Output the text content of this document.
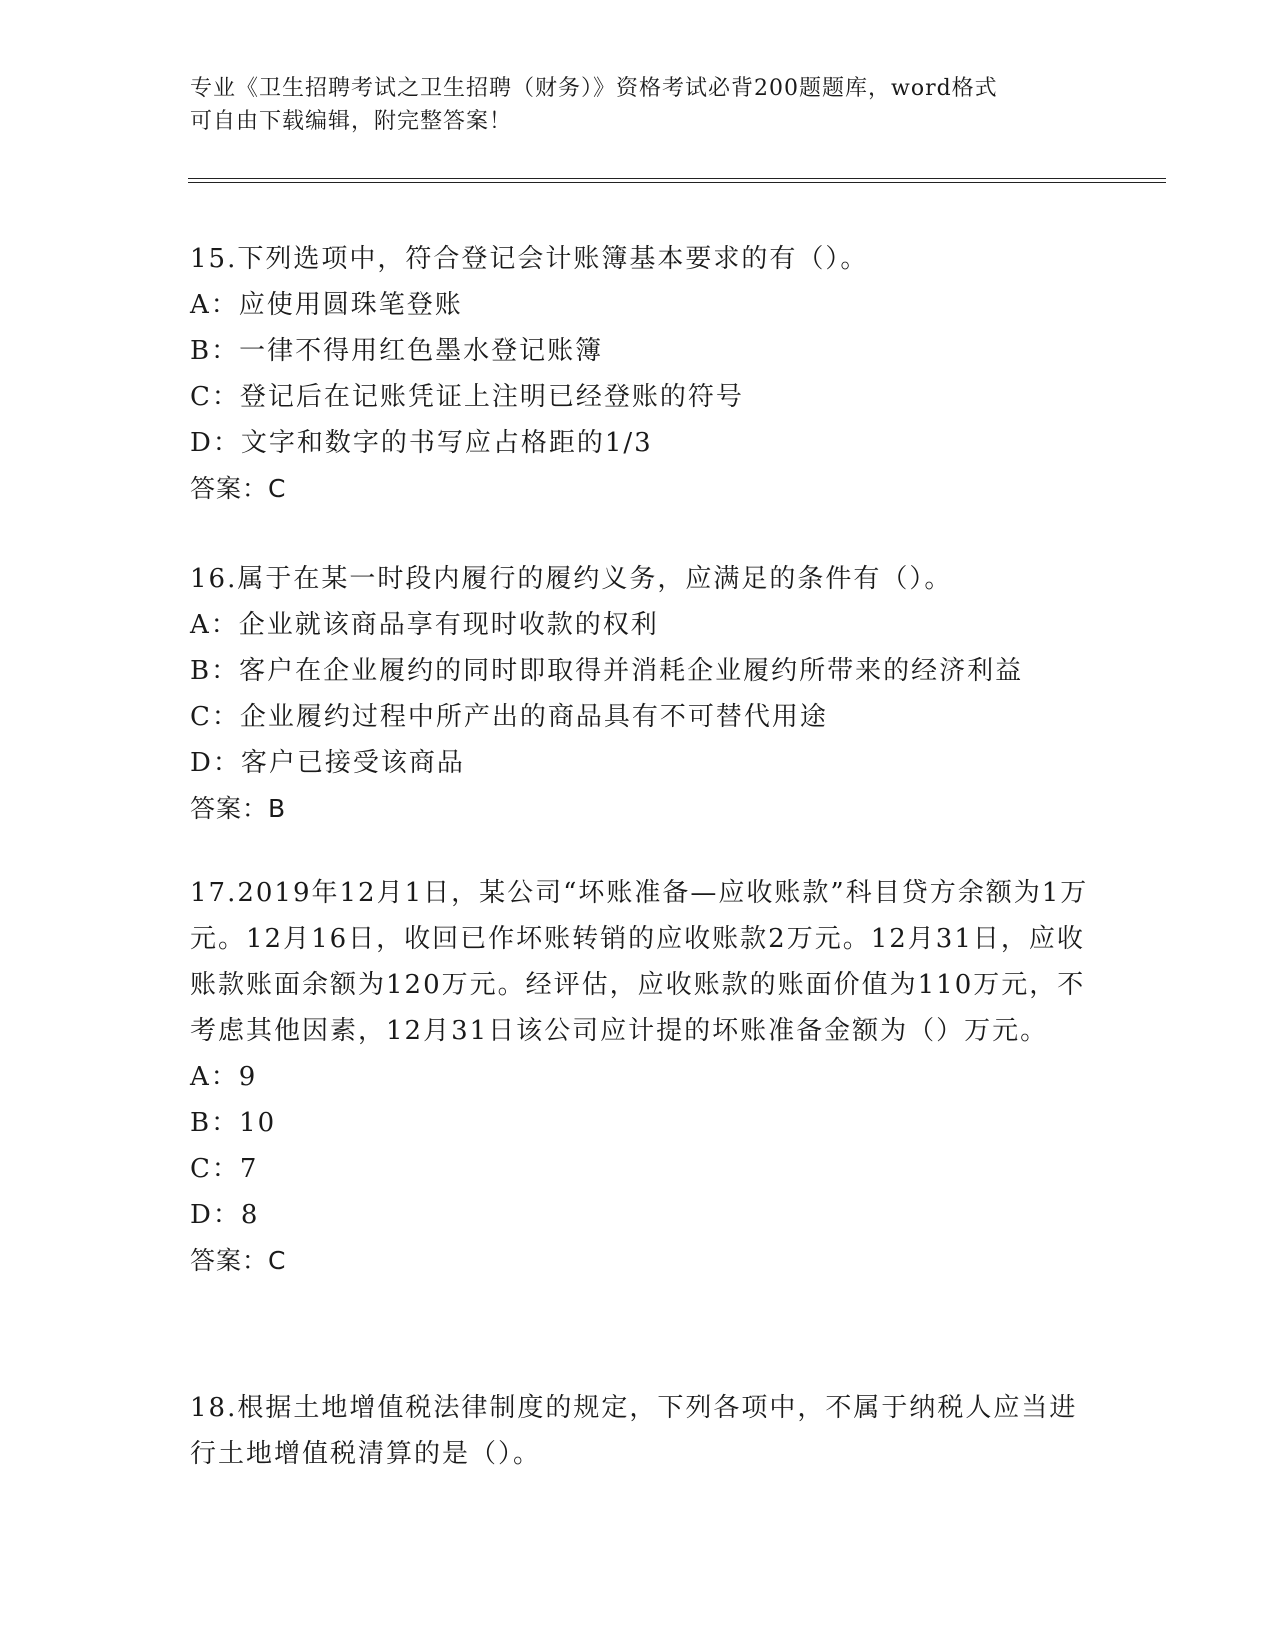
专业《卫生招聘考试之卫生招聘（财务）》资格考试必背200题题库，word格式
可自由下载编辑，附完整答案！

15.下列选项中，符合登记会计账簿基本要求的有（）。

A：应使用圆珠笔登账

B：一律不得用红色墨水登记账簿

C：登记后在记账凭证上注明已经登账的符号

D：文字和数字的书写应占格距的1/3

答案：C

16.属于在某一时段内履行的履约义务，应满足的条件有（）。

A：企业就该商品享有现时收款的权利

B：客户在企业履约的同时即取得并消耗企业履约所带来的经济利益

C：企业履约过程中所产出的商品具有不可替代用途

D：客户已接受该商品

答案：B

17.2019年12月1日，某公司“坏账准备—应收账款”科目贷方余额为1万元。12月16日，收回已作坏账转销的应收账款2万元。12月31日，应收账款账面余额为120万元。经评估，应收账款的账面价值为110万元，不考虑其他因素，12月31日该公司应计提的坏账准备金额为（）万元。

A：9

B：10

C：7

D：8

答案：C

18.根据土地增值税法律制度的规定，下列各项中，不属于纳税人应当进行土地增值税清算的是（）。
